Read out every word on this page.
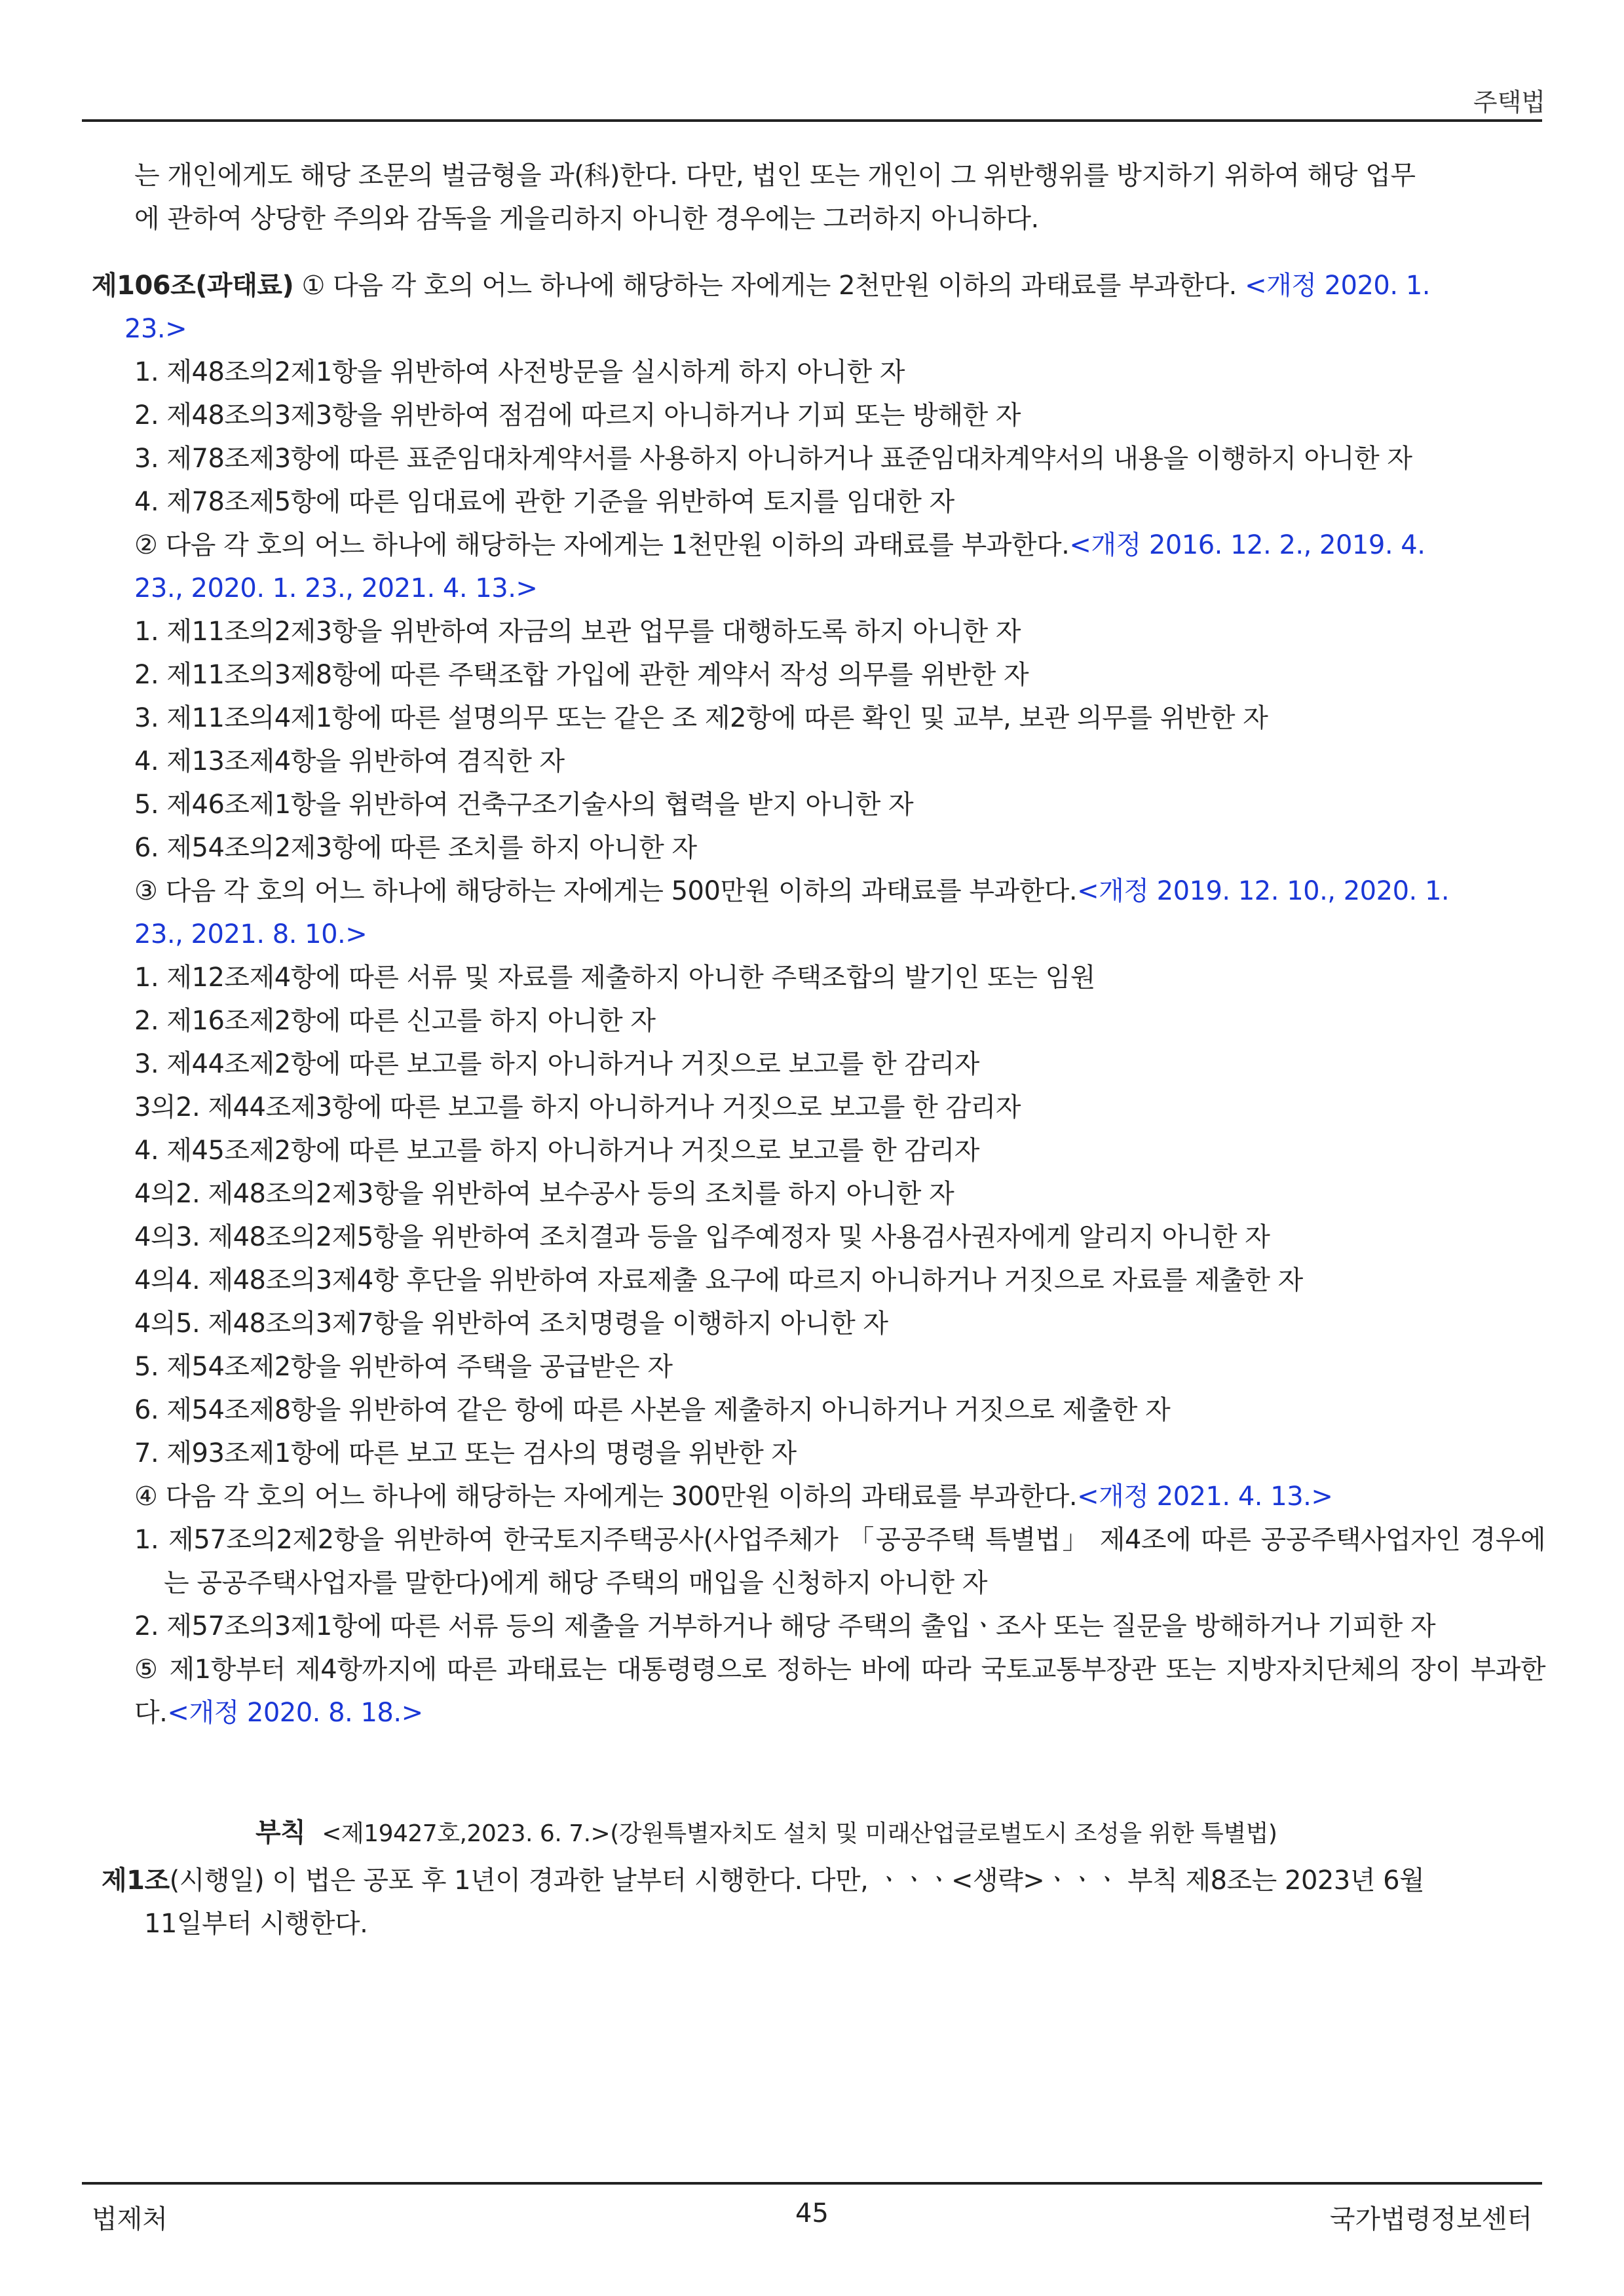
주택법
는 개인에게도 해당 조문의 벌금형을 과(科)한다. 다만, 법인 또는 개인이 그 위반행위를 방지하기 위하여 해당 업무
에 관하여 상당한 주의와 감독을 게을리하지 아니한 경우에는 그러하지 아니하다.
제106조(과태료) ① 다음 각 호의 어느 하나에 해당하는 자에게는 2천만원 이하의 과태료를 부과한다. <개정 2020. 1.
23.>
1. 제48조의2제1항을 위반하여 사전방문을 실시하게 하지 아니한 자
2. 제48조의3제3항을 위반하여 점검에 따르지 아니하거나 기피 또는 방해한 자
3. 제78조제3항에 따른 표준임대차계약서를 사용하지 아니하거나 표준임대차계약서의 내용을 이행하지 아니한 자
4. 제78조제5항에 따른 임대료에 관한 기준을 위반하여 토지를 임대한 자
② 다음 각 호의 어느 하나에 해당하는 자에게는 1천만원 이하의 과태료를 부과한다.<개정 2016. 12. 2., 2019. 4.
23., 2020. 1. 23., 2021. 4. 13.>
1. 제11조의2제3항을 위반하여 자금의 보관 업무를 대행하도록 하지 아니한 자
2. 제11조의3제8항에 따른 주택조합 가입에 관한 계약서 작성 의무를 위반한 자
3. 제11조의4제1항에 따른 설명의무 또는 같은 조 제2항에 따른 확인 및 교부, 보관 의무를 위반한 자
4. 제13조제4항을 위반하여 겸직한 자
5. 제46조제1항을 위반하여 건축구조기술사의 협력을 받지 아니한 자
6. 제54조의2제3항에 따른 조치를 하지 아니한 자
③ 다음 각 호의 어느 하나에 해당하는 자에게는 500만원 이하의 과태료를 부과한다.<개정 2019. 12. 10., 2020. 1.
23., 2021. 8. 10.>
1. 제12조제4항에 따른 서류 및 자료를 제출하지 아니한 주택조합의 발기인 또는 임원
2. 제16조제2항에 따른 신고를 하지 아니한 자
3. 제44조제2항에 따른 보고를 하지 아니하거나 거짓으로 보고를 한 감리자
3의2. 제44조제3항에 따른 보고를 하지 아니하거나 거짓으로 보고를 한 감리자
4. 제45조제2항에 따른 보고를 하지 아니하거나 거짓으로 보고를 한 감리자
4의2. 제48조의2제3항을 위반하여 보수공사 등의 조치를 하지 아니한 자
4의3. 제48조의2제5항을 위반하여 조치결과 등을 입주예정자 및 사용검사권자에게 알리지 아니한 자
4의4. 제48조의3제4항 후단을 위반하여 자료제출 요구에 따르지 아니하거나 거짓으로 자료를 제출한 자
4의5. 제48조의3제7항을 위반하여 조치명령을 이행하지 아니한 자
5. 제54조제2항을 위반하여 주택을 공급받은 자
6. 제54조제8항을 위반하여 같은 항에 따른 사본을 제출하지 아니하거나 거짓으로 제출한 자
7. 제93조제1항에 따른 보고 또는 검사의 명령을 위반한 자
④ 다음 각 호의 어느 하나에 해당하는 자에게는 300만원 이하의 과태료를 부과한다.<개정 2021. 4. 13.>
1. 제57조의2제2항을 위반하여 한국토지주택공사(사업주체가 「공공주택 특별법」 제4조에 따른 공공주택사업자인 경우에는 공공주택사업자를 말한다)에게 해당 주택의 매입을 신청하지 아니한 자
2. 제57조의3제1항에 따른 서류 등의 제출을 거부하거나 해당 주택의 출입ㆍ조사 또는 질문을 방해하거나 기피한 자
⑤ 제1항부터 제4항까지에 따른 과태료는 대통령령으로 정하는 바에 따라 국토교통부장관 또는 지방자치단체의 장이 부과한다.<개정 2020. 8. 18.>
부칙 <제19427호,2023. 6. 7.>(강원특별자치도 설치 및 미래산업글로벌도시 조성을 위한 특별법)
제1조(시행일) 이 법은 공포 후 1년이 경과한 날부터 시행한다. 다만, ㆍㆍㆍ<생략>ㆍㆍㆍ 부칙 제8조는 2023년 6월
11일부터 시행한다.
법제처	45	국가법령정보센터
